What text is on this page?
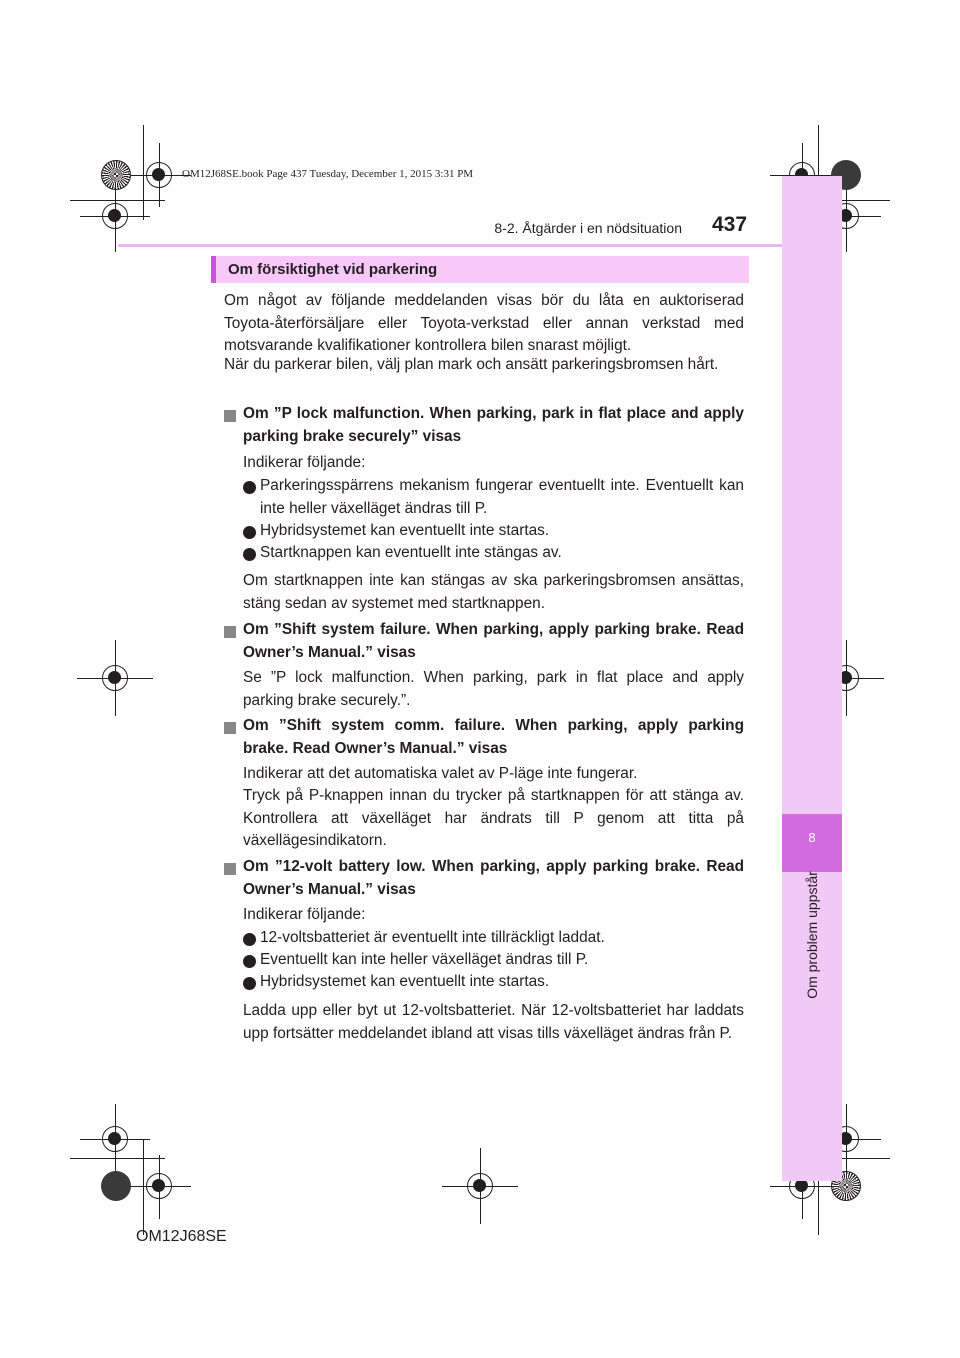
8
Om problem uppstår
OM12J68SE.book Page 437 Tuesday, December 1, 2015 3:31 PM
8-2. Åtgärder i en nödsituation 437
Om försiktighet vid parkering
Om något av följande meddelanden visas bör du låta en auktoriserad Toyota-återförsäljare eller Toyota-verkstad eller annan verkstad med motsvarande kvalifikationer kontrollera bilen snarast möjligt.
När du parkerar bilen, välj plan mark och ansätt parkeringsbromsen hårt.
Om ”P lock malfunction. When parking, park in flat place and apply parking brake securely” visas
Indikerar följande:
Parkeringsspärrens mekanism fungerar eventuellt inte. Eventuellt kan inte heller växelläget ändras till P.
Hybridsystemet kan eventuellt inte startas.
Startknappen kan eventuellt inte stängas av.
Om startknappen inte kan stängas av ska parkeringsbromsen ansättas, stäng sedan av systemet med startknappen.
Om ”Shift system failure. When parking, apply parking brake. Read Owner’s Manual.” visas
Se ”P lock malfunction. When parking, park in flat place and apply parking brake securely.”.
Om ”Shift system comm. failure. When parking, apply parking brake. Read Owner’s Manual.” visas
Indikerar att det automatiska valet av P-läge inte fungerar.
Tryck på P-knappen innan du trycker på startknappen för att stänga av. Kontrollera att växelläget har ändrats till P genom att titta på växellägesindikatorn.
Om ”12-volt battery low. When parking, apply parking brake. Read Owner’s Manual.” visas
Indikerar följande:
12-voltsbatteriet är eventuellt inte tillräckligt laddat.
Eventuellt kan inte heller växelläget ändras till P.
Hybridsystemet kan eventuellt inte startas.
Ladda upp eller byt ut 12-voltsbatteriet. När 12-voltsbatteriet har laddats upp fortsätter meddelandet ibland att visas tills växelläget ändras från P.
OM12J68SE
